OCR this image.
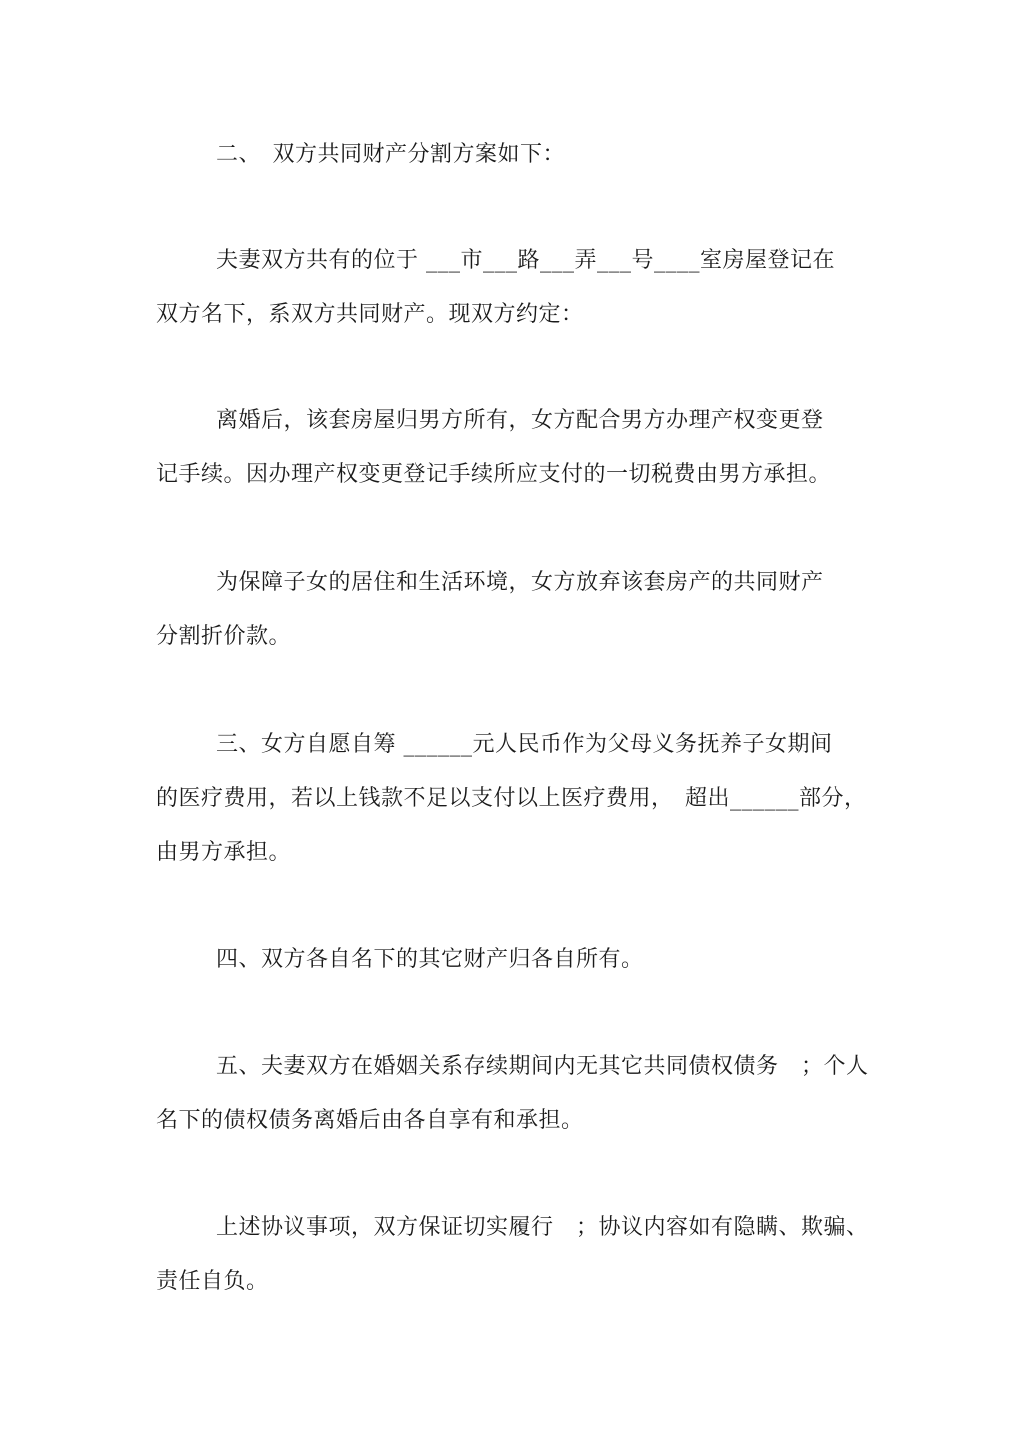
二、　双方共同财产分割方案如下：
夫妻双方共有的位于 ___市___路___弄___号____室房屋登记在
双方名下，系双方共同财产。现双方约定：
离婚后，该套房屋归男方所有，女方配合男方办理产权变更登
记手续。因办理产权变更登记手续所应支付的一切税费由男方承担。
为保障子女的居住和生活环境，女方放弃该套房产的共同财产
分割折价款。
三、女方自愿自筹 ______元人民币作为父母义务抚养子女期间
的医疗费用，若以上钱款不足以支付以上医疗费用，　超出______部分，
由男方承担。
四、双方各自名下的其它财产归各自所有。
五、夫妻双方在婚姻关系存续期间内无其它共同债权债务　；个人
名下的债权债务离婚后由各自享有和承担。
上述协议事项，双方保证切实履行　；协议内容如有隐瞒、欺骗、
责任自负。
